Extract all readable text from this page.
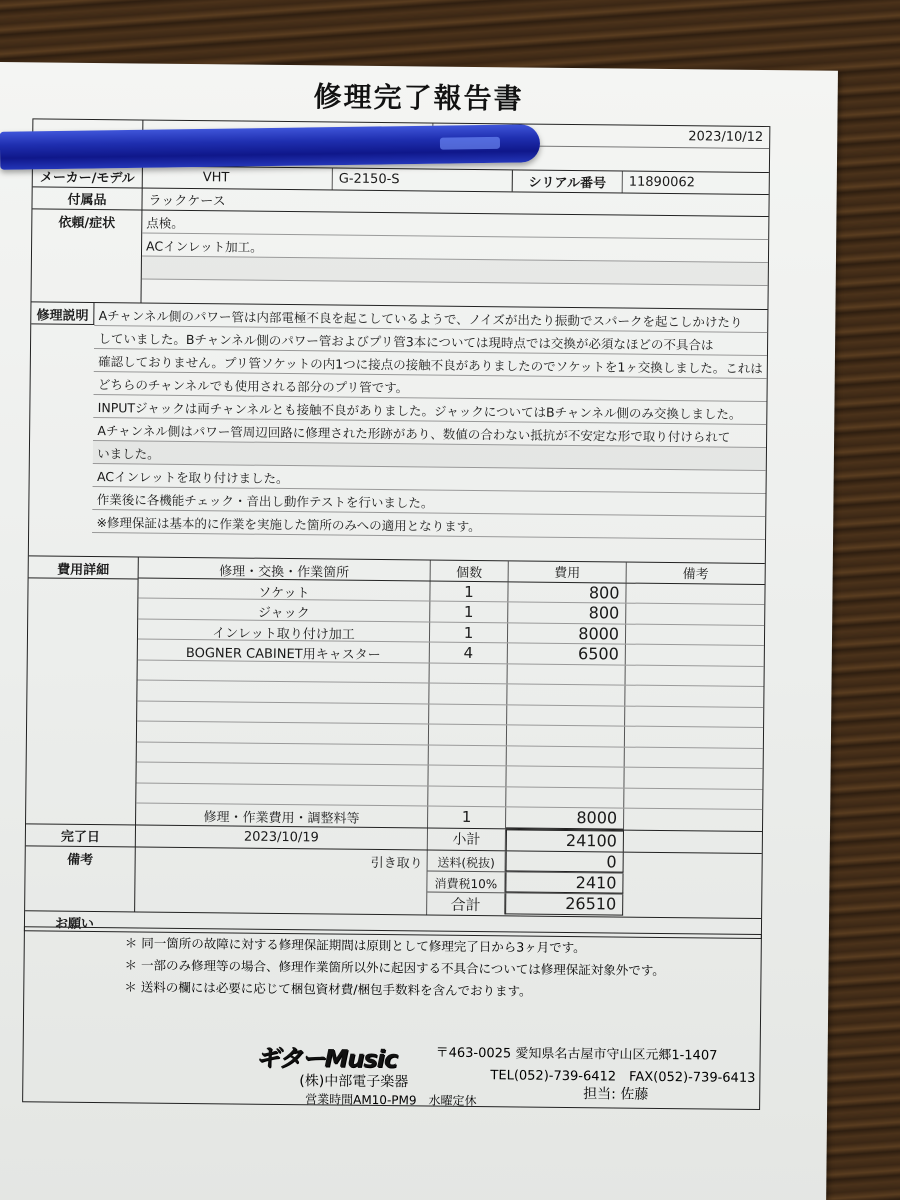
修理完了報告書
2023/10/12
メーカー/モデル	VHT	G-2150-S	シリアル番号	11890062
付属品	ラックケース
依頼/症状	点検。
ACインレット加工。
修理説明 Aチャンネル側のパワー管は内部電極不良を起こしているようで、ノイズが出たり振動でスパークを起こしかけたり
していました。Bチャンネル側のパワー管およびプリ管3本については現時点では交換が必須なほどの不具合は
確認しておりません。プリ管ソケットの内1つに接点の接触不良がありましたのでソケットを1ヶ交換しました。これは
どちらのチャンネルでも使用される部分のプリ管です。
INPUTジャックは両チャンネルとも接触不良がありました。ジャックについてはBチャンネル側のみ交換しました。
Aチャンネル側はパワー管周辺回路に修理された形跡があり、数値の合わない抵抗が不安定な形で取り付けられて
いました。
ACインレットを取り付けました。
作業後に各機能チェック・音出し動作テストを行いました。
※修理保証は基本的に作業を実施した箇所のみへの適用となります。
費用詳細	修理・交換・作業箇所	個数	費用	備考
ソケット	1	800
ジャック	1	800
インレット取り付け加工	1	8000
BOGNER CABINET用キャスター	4	6500
修理・作業費用・調整料等	1	8000
完了日	2023/10/19	小計	24100
備考	引き取り	送料(税抜)	0
消費税10%	2410
合計	26510
お願い
＊ 同一箇所の故障に対する修理保証期間は原則として修理完了日から3ヶ月です。
＊ 一部のみ修理等の場合、修理作業箇所以外に起因する不具合については修理保証対象外です。
＊ 送料の欄には必要に応じて梱包資材費/梱包手数料を含んでおります。
ギターMusic	〒463-0025 愛知県名古屋市守山区元郷1-1407
TEL(052)-739-6412　FAX(052)-739-6413
(株)中部電子楽器
営業時間AM10-PM9　水曜定休	担当: 佐藤
